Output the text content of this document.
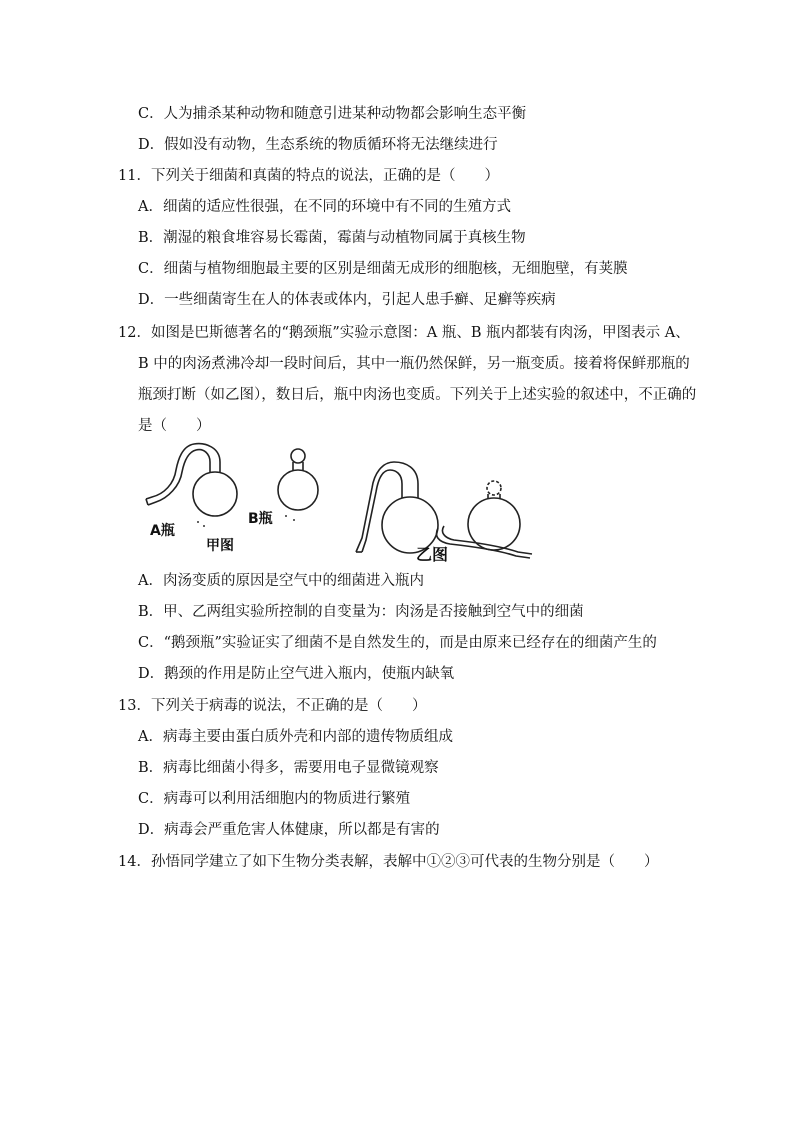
C．人为捕杀某种动物和随意引进某种动物都会影响生态平衡
D．假如没有动物，生态系统的物质循环将无法继续进行
11．下列关于细菌和真菌的特点的说法，正确的是（　　）
A．细菌的适应性很强，在不同的环境中有不同的生殖方式
B．潮湿的粮食堆容易长霉菌，霉菌与动植物同属于真核生物
C．细菌与植物细胞最主要的区别是细菌无成形的细胞核，无细胞壁，有荚膜
D．一些细菌寄生在人的体表或体内，引起人患手癣、足癣等疾病
12．如图是巴斯德著名的“鹅颈瓶”实验示意图：A 瓶、B 瓶内都装有肉汤，甲图表示 A、
B 中的肉汤煮沸冷却一段时间后，其中一瓶仍然保鲜，另一瓶变质。接着将保鲜那瓶的
瓶颈打断（如乙图），数日后，瓶中肉汤也变质。下列关于上述实验的叙述中，不正确的
是（　　）
A瓶
B瓶
甲图	乙图
A．肉汤变质的原因是空气中的细菌进入瓶内
B．甲、乙两组实验所控制的自变量为：肉汤是否接触到空气中的细菌
C．“鹅颈瓶”实验证实了细菌不是自然发生的，而是由原来已经存在的细菌产生的
D．鹅颈的作用是防止空气进入瓶内，使瓶内缺氧
13．下列关于病毒的说法，不正确的是（　　）
A．病毒主要由蛋白质外壳和内部的遗传物质组成
B．病毒比细菌小得多，需要用电子显微镜观察
C．病毒可以利用活细胞内的物质进行繁殖
D．病毒会严重危害人体健康，所以都是有害的
14．孙悟同学建立了如下生物分类表解，表解中①②③可代表的生物分别是（　　）
